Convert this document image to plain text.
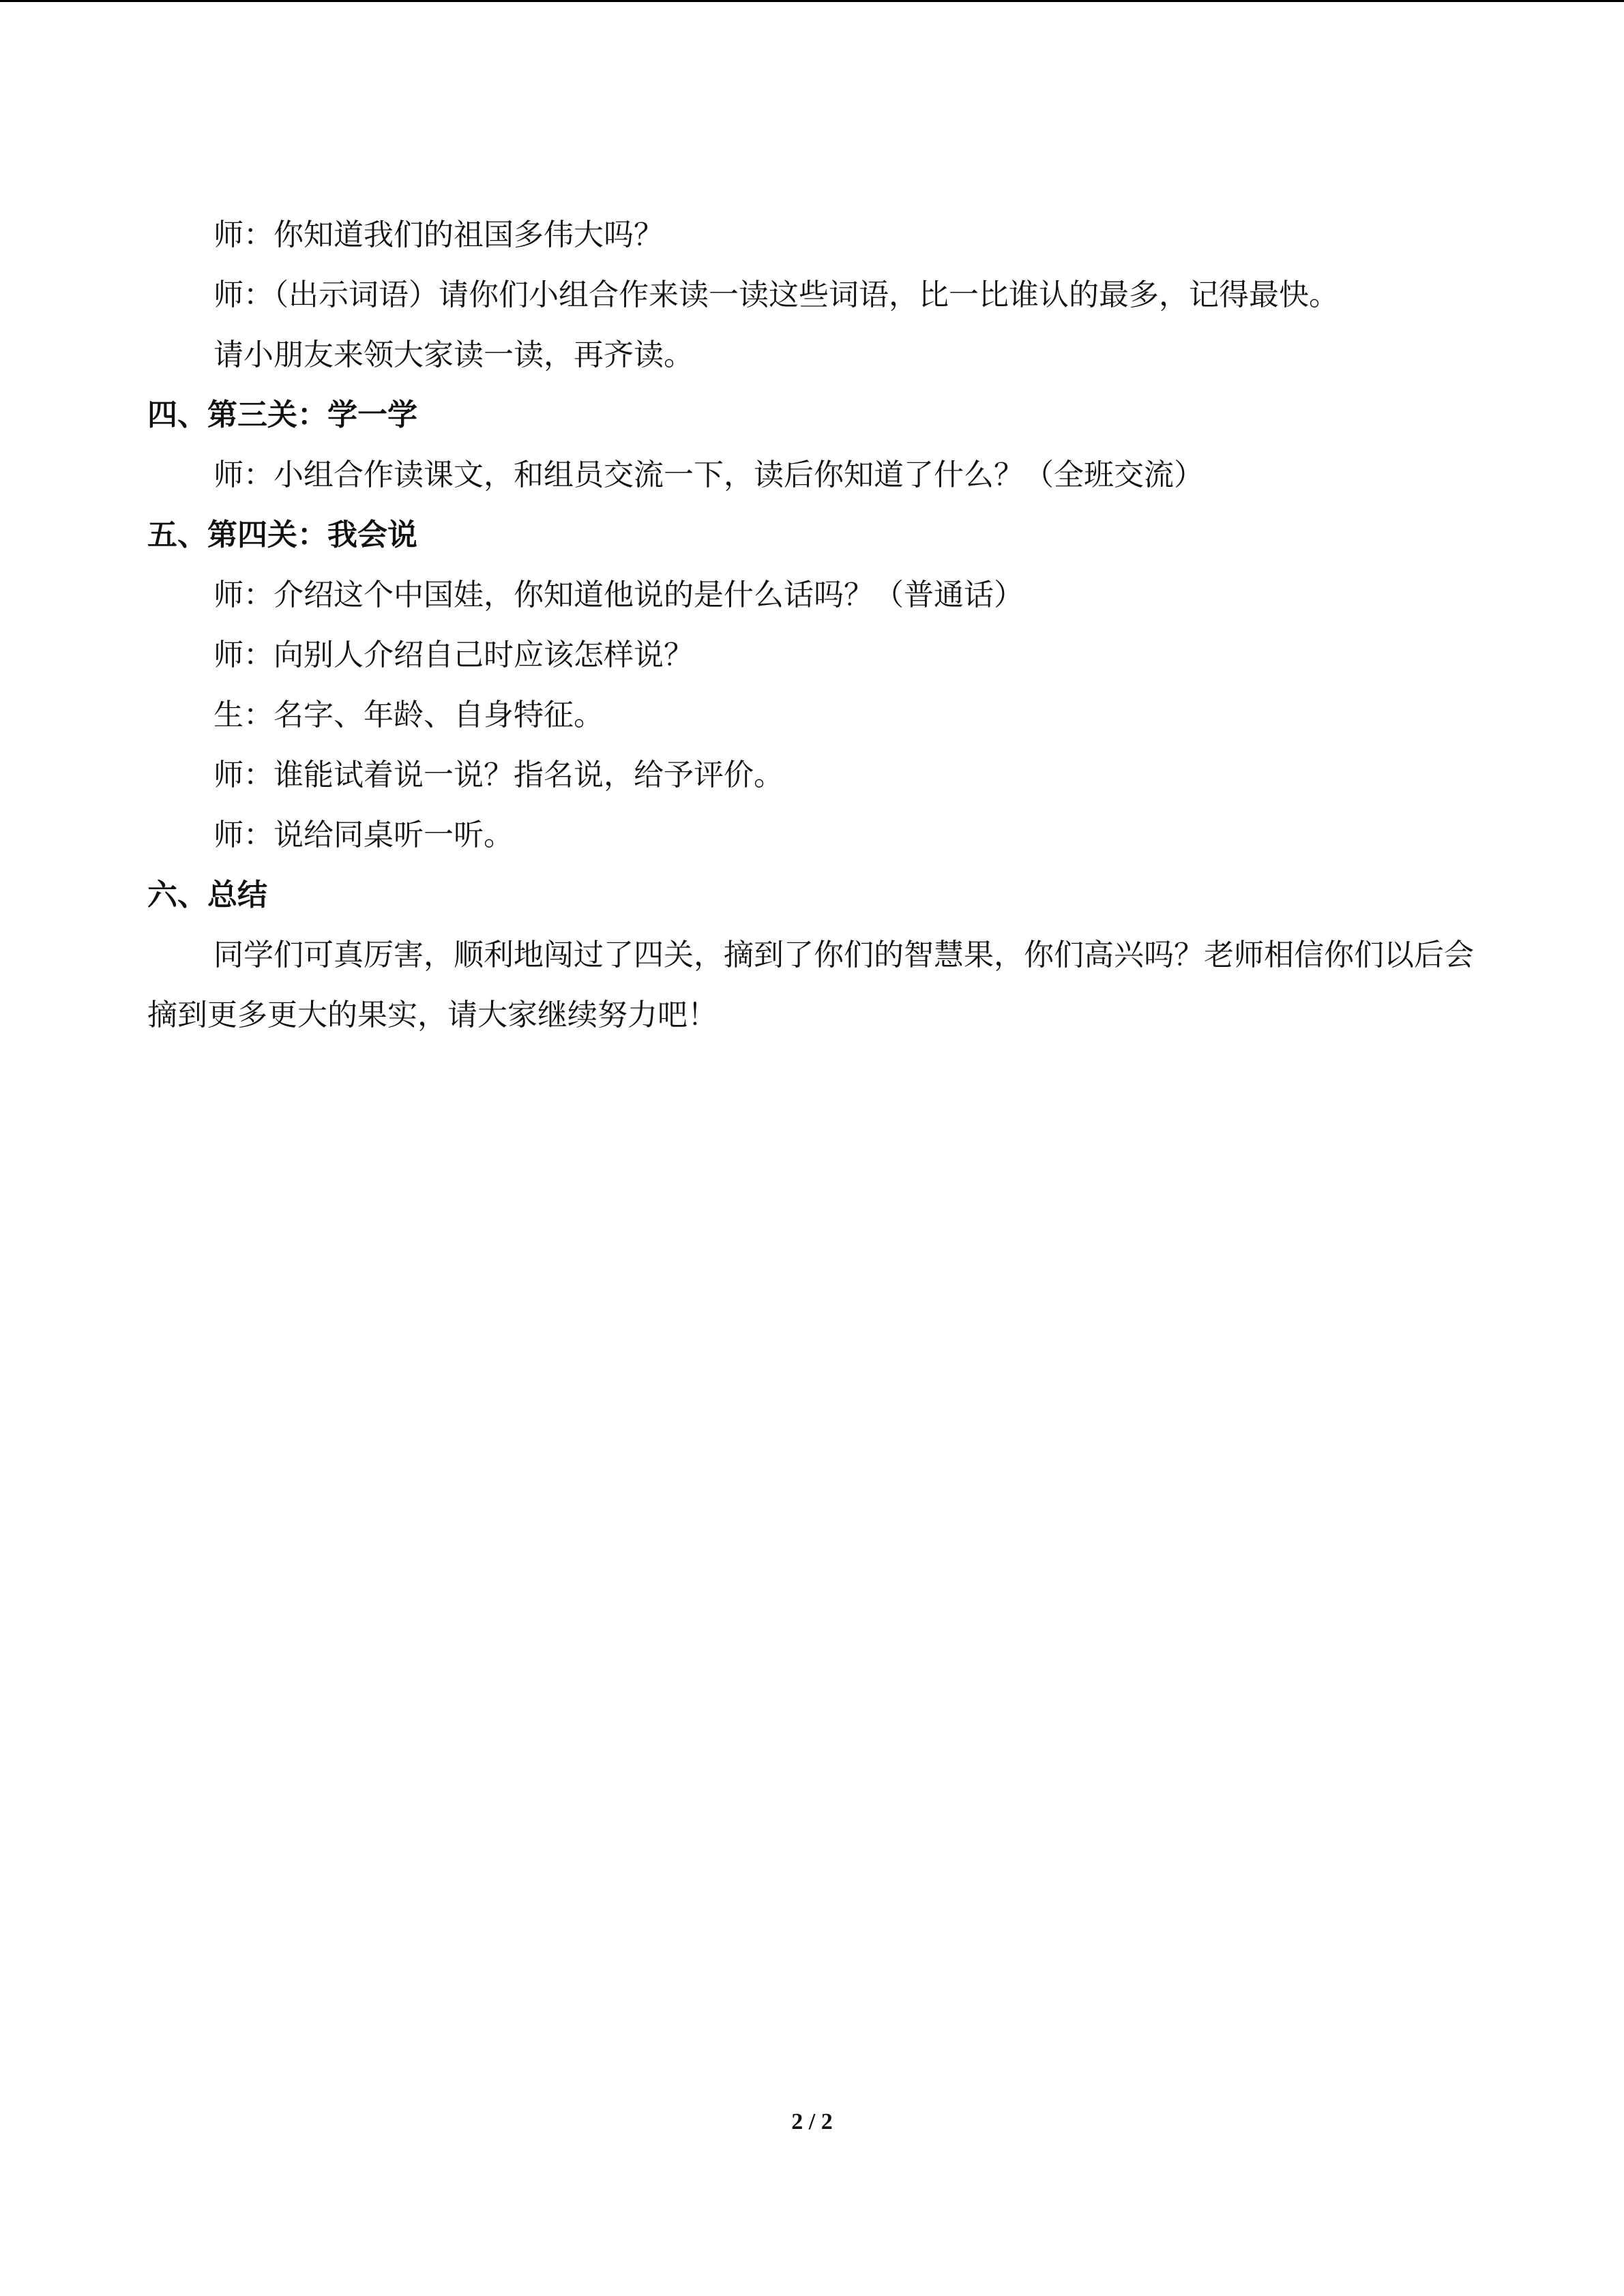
师：你知道我们的祖国多伟大吗？
师：（出示词语）请你们小组合作来读一读这些词语，比一比谁认的最多，记得最快。
请小朋友来领大家读一读，再齐读。
四、第三关：学一学
师：小组合作读课文，和组员交流一下，读后你知道了什么？（全班交流）
五、第四关：我会说
师：介绍这个中国娃，你知道他说的是什么话吗？（普通话）
师：向别人介绍自己时应该怎样说？
生：名字、年龄、自身特征。
师：谁能试着说一说？指名说，给予评价。
师：说给同桌听一听。
六、总结
同学们可真厉害，顺利地闯过了四关，摘到了你们的智慧果，你们高兴吗？老师相信你们以后会摘到更多更大的果实，请大家继续努力吧！
2 / 2
